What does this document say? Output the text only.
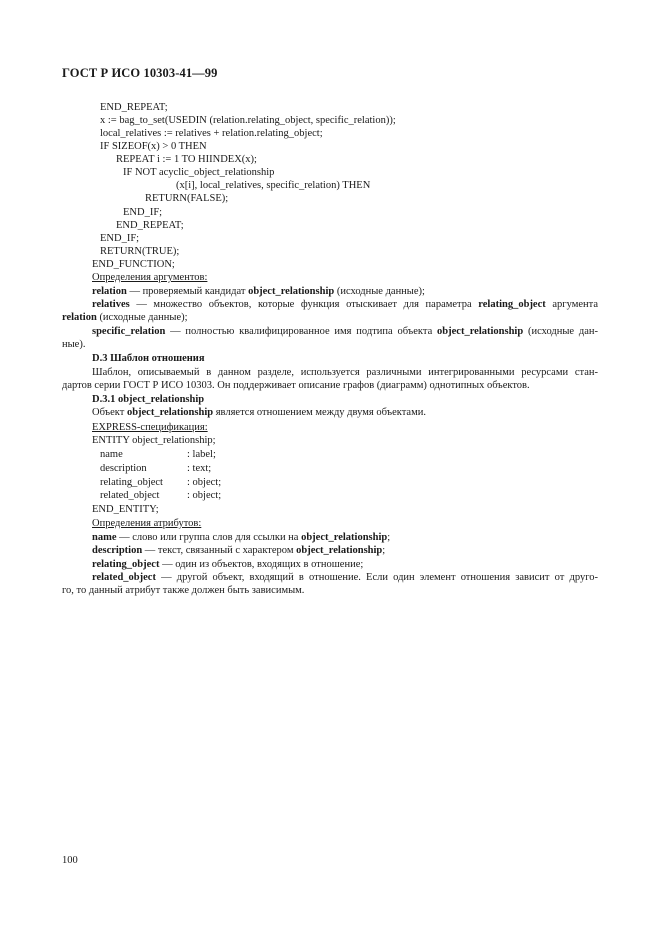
ГОСТ Р ИСО 10303-41—99
END_REPEAT;
x := bag_to_set(USEDIN (relation.relating_object, specific_relation));
local_relatives := relatives + relation.relating_object;
IF SIZEOF(x) > 0 THEN
REPEAT i := 1 TO HIINDEX(x);
IF NOT acyclic_object_relationship
(x[i], local_relatives, specific_relation) THEN
RETURN(FALSE);
END_IF;
END_REPEAT;
END_IF;
RETURN(TRUE);
END_FUNCTION;
Определения аргументов:
relation — проверяемый кандидат object_relationship (исходные данные);
relatives — множество объектов, которые функция отыскивает для параметра relating_object аргумента
relation (исходные данные);
specific_relation — полностью квалифицированное имя подтипа объекта object_relationship (исходные дан-
ные).
D.3 Шаблон отношения
Шаблон, описываемый в данном разделе, используется различными интегрированными ресурсами стан-
дартов серии ГОСТ Р ИСО 10303. Он поддерживает описание графов (диаграмм) однотипных объектов.
D.3.1 object_relationship
Объект object_relationship является отношением между двумя объектами.
EXPRESS-спецификация:
ENTITY object_relationship;
name	: label;
description	: text;
relating_object : object;
related_object	: object;
END_ENTITY;
Определения атрибутов:
name — слово или группа слов для ссылки на object_relationship;
description — текст, связанный с характером object_relationship;
relating_object — один из объектов, входящих в отношение;
related_object — другой объект, входящий в отношение. Если один элемент отношения зависит от друго-
го, то данный атрибут также должен быть зависимым.
100
